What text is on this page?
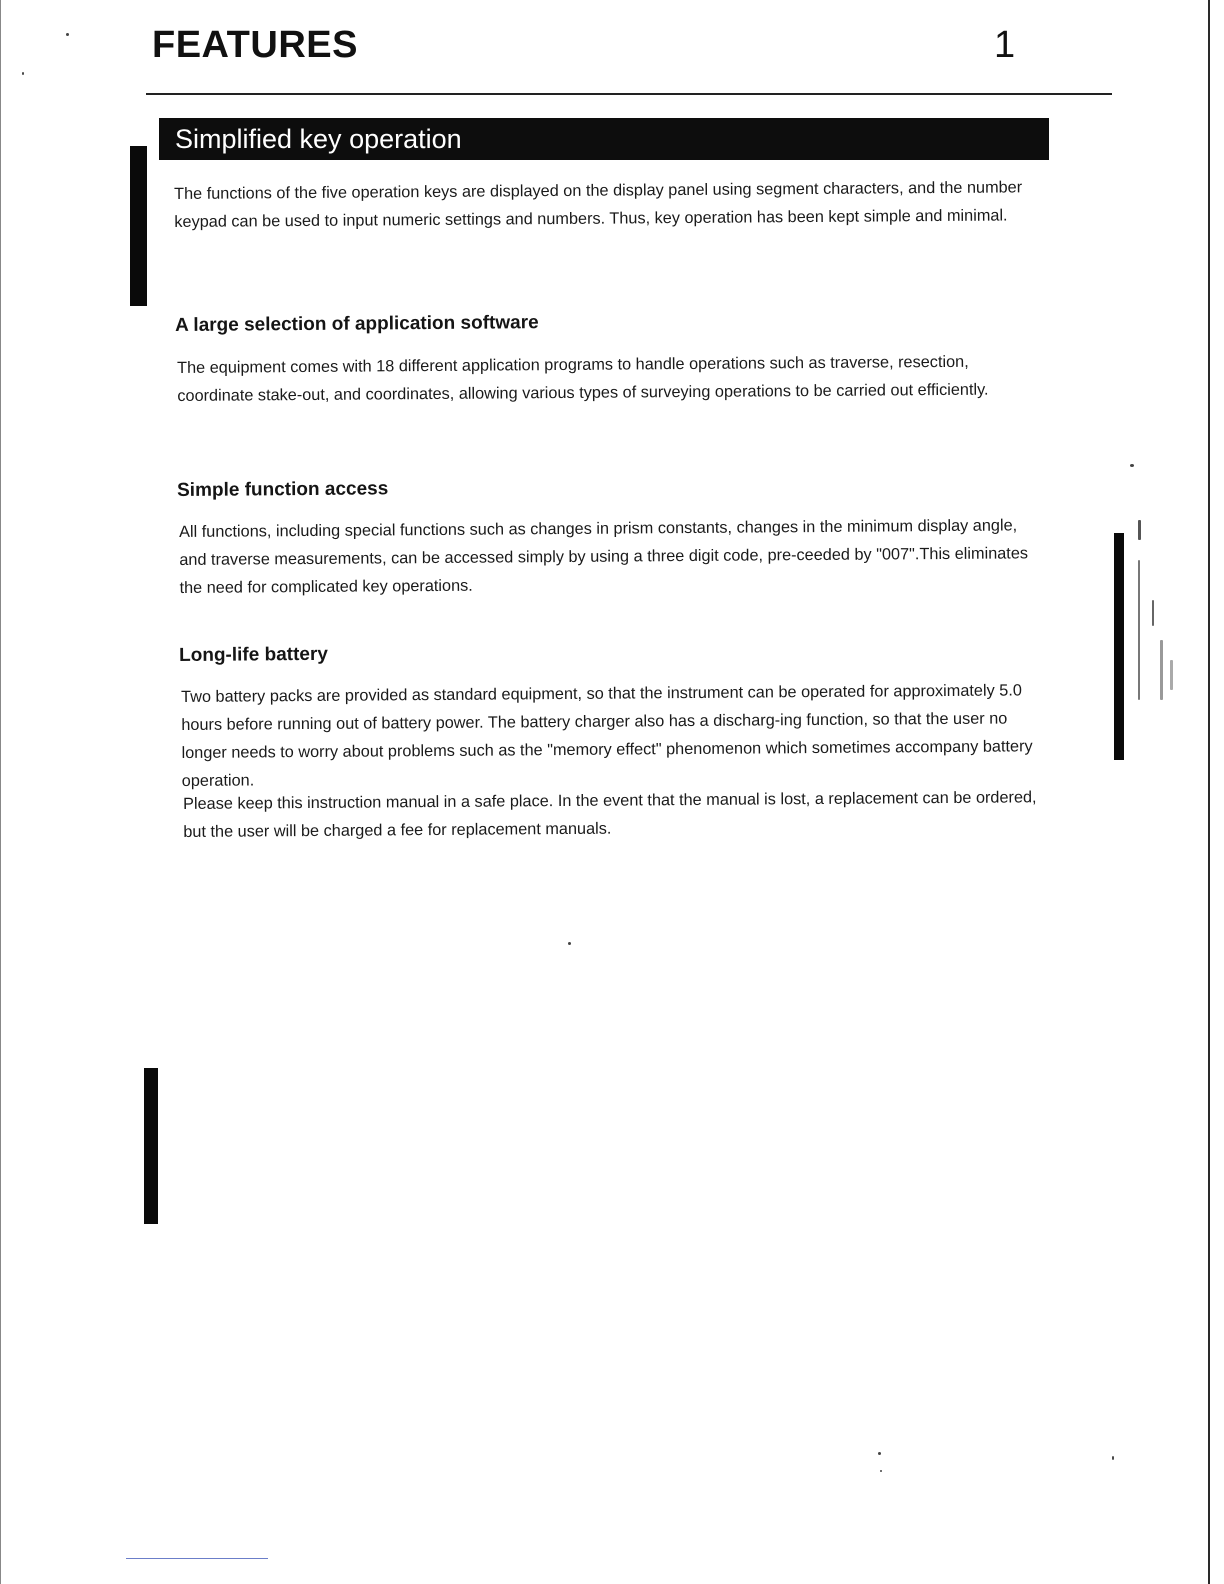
FEATURES	1
Simplified key operation

The functions of the five operation keys are displayed on the display panel using segment characters, and the number keypad can be used to input numeric settings and numbers. Thus, key operation has been kept simple and minimal.

A large selection of application software

The equipment comes with 18 different application programs to handle operations such as traverse, resection, coordinate stake-out, and coordinates, allowing various types of surveying operations to be carried out efficiently.

Simple function access

All functions, including special functions such as changes in prism constants, changes in the minimum display angle, and traverse measurements, can be accessed simply by using a three digit code, pre-ceeded by "007".This eliminates the need for complicated key operations.

Long-life battery

Two battery packs are provided as standard equipment, so that the instrument can be operated for approximately 5.0 hours before running out of battery power. The battery charger also has a discharg-ing function, so that the user no longer needs to worry about problems such as the "memory effect" phenomenon which sometimes accompany battery operation.

Please keep this instruction manual in a safe place. In the event that the manual is lost, a replacement can be ordered, but the user will be charged a fee for replacement manuals.
